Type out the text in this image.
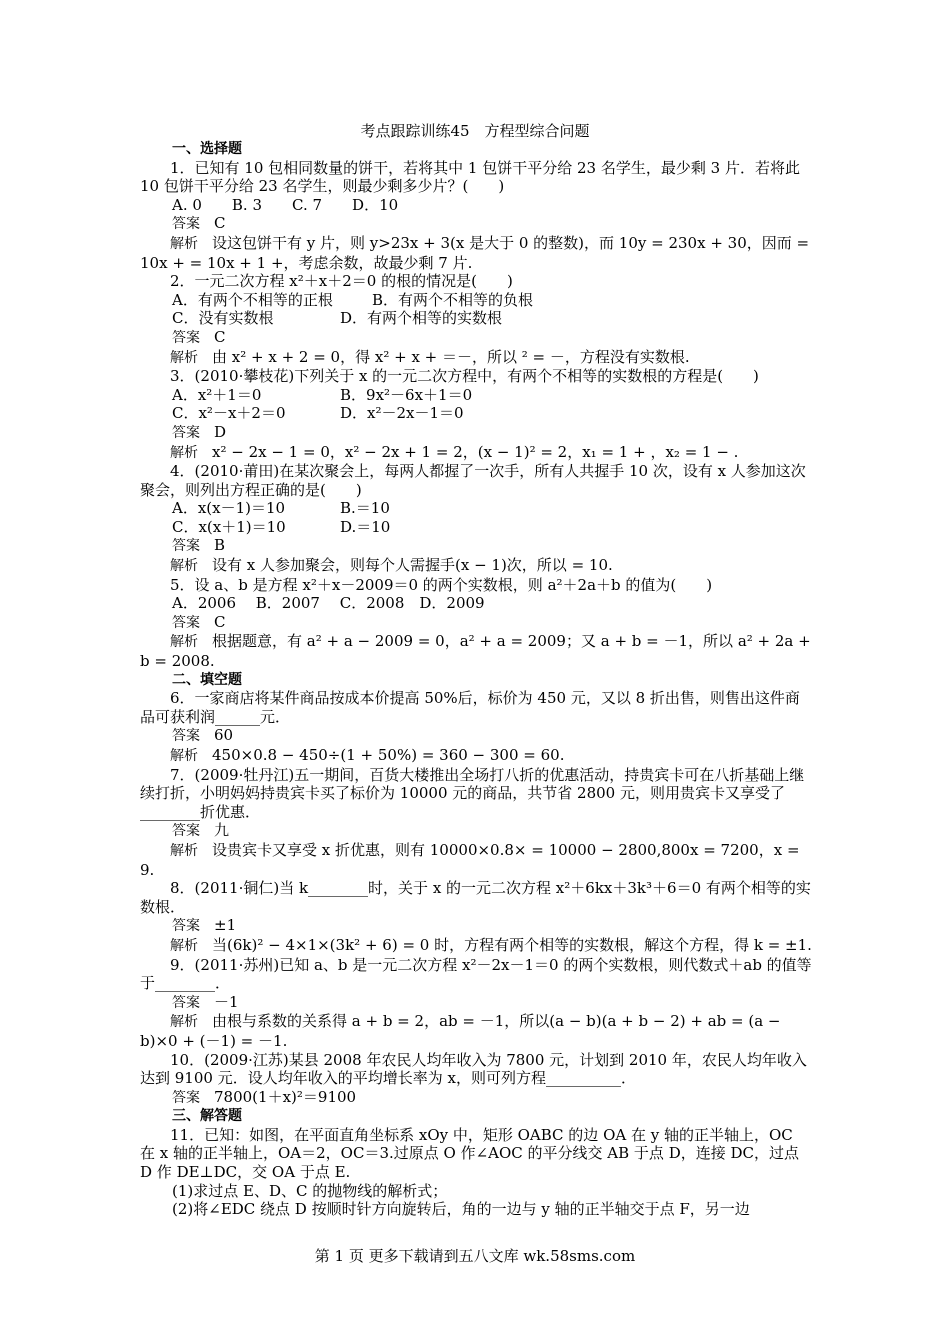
考点跟踪训练45　方程型综合问题

一、选择题

1．已知有 10 包相同数量的饼干，若将其中 1 包饼干平分给 23 名学生，最少剩 3 片．若将此 10 包饼干平分给 23 名学生，则最少剩多少片？(　　)

A. 0　　B. 3　　C. 7　　D．10

答案 C

解析 设这包饼干有 y 片，则 y>23x + 3(x 是大于 0 的整数)，而 10y = 230x + 30，因而 = 10x + = 10x + 1 +，考虑余数，故最少剩 7 片.

2．一元二次方程 x²＋x＋2＝0 的根的情况是(　　)

A．有两个不相等的正根	B．有两个不相等的负根

C．没有实数根	D．有两个相等的实数根

答案 C

解析 由 x² + x + 2 = 0，得 x² + x + ＝－，所以 ² = －，方程没有实数根.

3．(2010·攀枝花)下列关于 x 的一元二次方程中，有两个不相等的实数根的方程是(　　)

A．x²＋1＝0	B．9x²－6x＋1＝0

C．x²－x＋2＝0	D．x²－2x－1＝0

答案 D

解析 x² − 2x − 1 = 0，x² − 2x + 1 = 2，(x − 1)² = 2，x₁ = 1 + ，x₂ = 1 − .

4．(2010·莆田)在某次聚会上，每两人都握了一次手，所有人共握手 10 次，设有 x 人参加这次聚会，则列出方程正确的是(　　)

A．x(x－1)＝10	B.＝10

C．x(x＋1)＝10	D.＝10

答案 B

解析 设有 x 人参加聚会，则每个人需握手(x − 1)次，所以 = 10.

5．设 a、b 是方程 x²＋x－2009＝0 的两个实数根，则 a²＋2a＋b 的值为(　　)

A．2006　 B．2007　 C．2008　D．2009

答案 C

解析 根据题意，有 a² + a − 2009 = 0，a² + a = 2009；又 a + b = －1，所以 a² + 2a + b = 2008.

二、填空题

6．一家商店将某件商品按成本价提高 50%后，标价为 450 元，又以 8 折出售，则售出这件商品可获利润______元．

答案 60

解析 450×0.8 − 450÷(1 + 50%) = 360 − 300 = 60.

7．(2009·牡丹江)五一期间，百货大楼推出全场打八折的优惠活动，持贵宾卡可在八折基础上继续打折，小明妈妈持贵宾卡买了标价为 10000 元的商品，共节省 2800 元，则用贵宾卡又享受了________折优惠．

答案 九

解析 设贵宾卡又享受 x 折优惠，则有 10000×0.8× = 10000 − 2800,800x = 7200，x = 9.

8．(2011·铜仁)当 k________时，关于 x 的一元二次方程 x²＋6kx＋3k³＋6＝0 有两个相等的实数根．

答案 ±1

解析 当(6k)² − 4×1×(3k² + 6) = 0 时，方程有两个相等的实数根，解这个方程，得 k = ±1.

9．(2011·苏州)已知 a、b 是一元二次方程 x²－2x－1＝0 的两个实数根，则代数式＋ab 的值等于________．

答案 －1

解析 由根与系数的关系得 a + b = 2，ab = －1，所以(a − b)(a + b − 2) + ab = (a − b)×0 + (－1) = －1.

10．(2009·江苏)某县 2008 年农民人均年收入为 7800 元，计划到 2010 年，农民人均年收入达到 9100 元．设人均年收入的平均增长率为 x，则可列方程__________．

答案 7800(1＋x)²＝9100

三、解答题

11．已知：如图，在平面直角坐标系 xOy 中，矩形 OABC 的边 OA 在 y 轴的正半轴上，OC 在 x 轴的正半轴上，OA＝2，OC＝3.过原点 O 作∠AOC 的平分线交 AB 于点 D，连接 DC，过点 D 作 DE⊥DC，交 OA 于点 E.

(1)求过点 E、D、C 的抛物线的解析式；

(2)将∠EDC 绕点 D 按顺时针方向旋转后，角的一边与 y 轴的正半轴交于点 F，另一边

第 1 页 更多下载请到五八文库 wk.58sms.com
